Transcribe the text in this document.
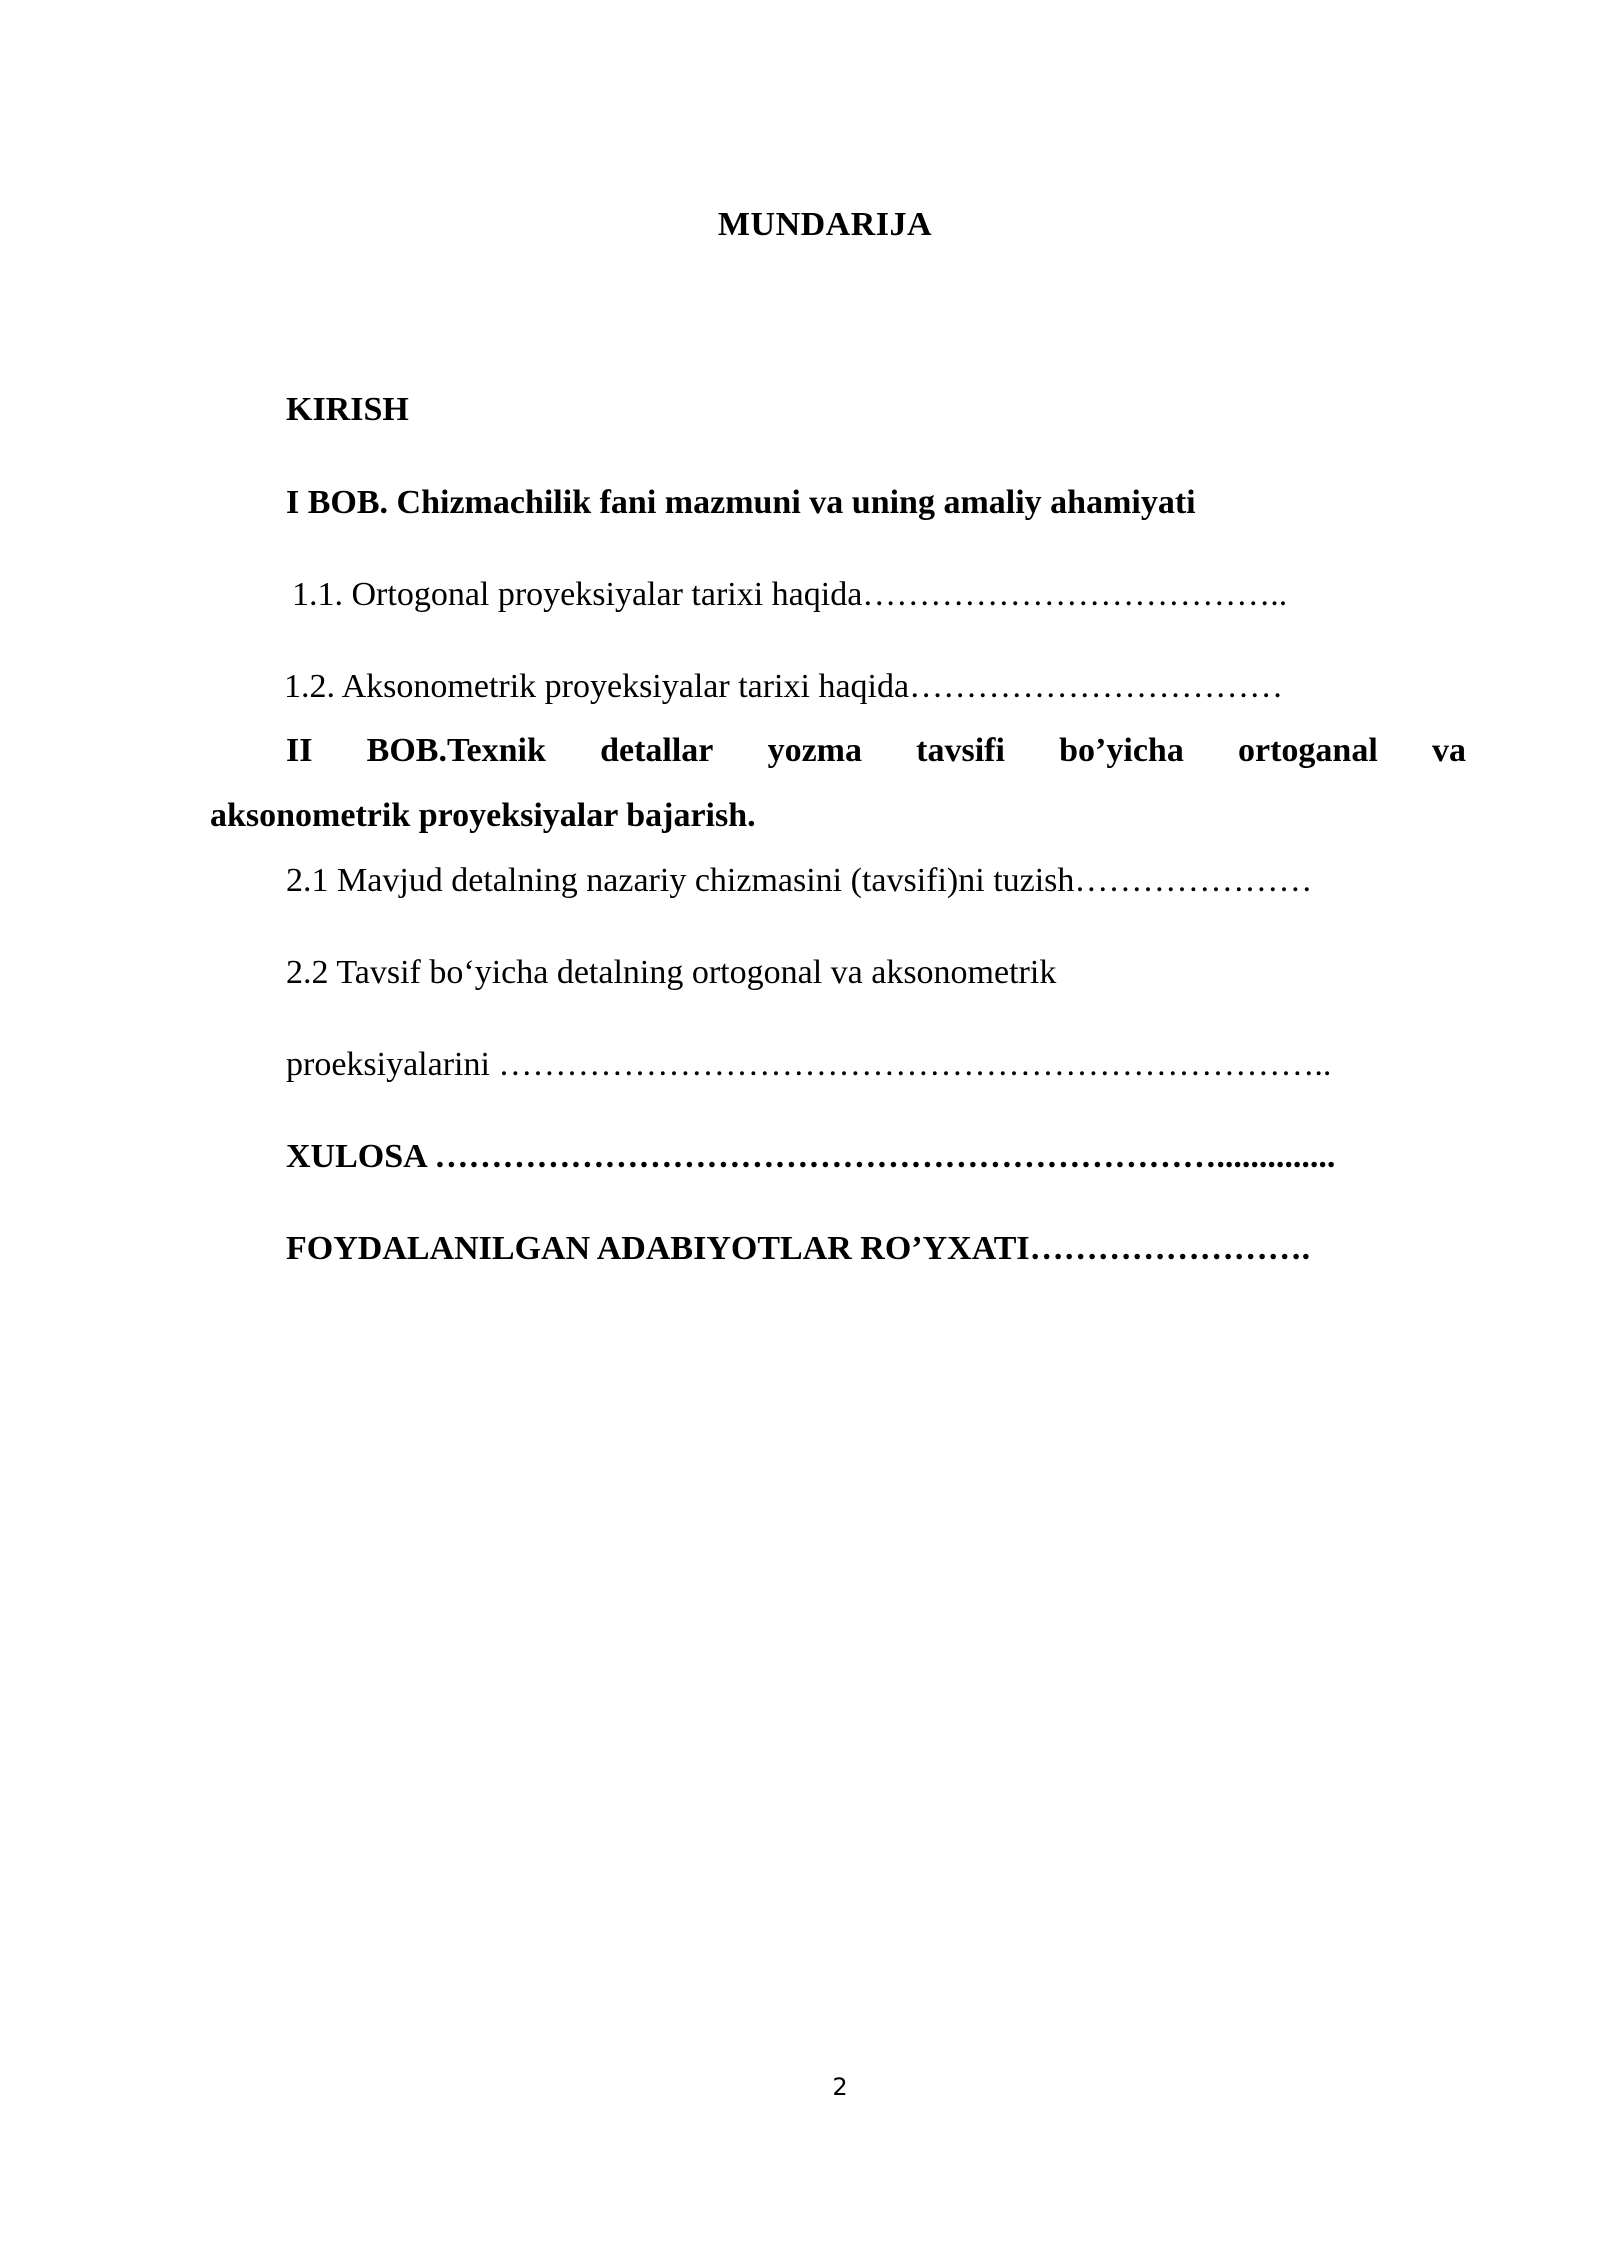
MUNDARIJA
KIRISH
I BOB. Chizmachilik fani mazmuni va uning amaliy ahamiyati
1.1. Ortogonal proyeksiyalar tarixi haqida………………………………..
1.2. Aksonometrik proyeksiyalar tarixi haqida……………………………
II BOB.Texnik detallar yozma tavsifi bo’yicha ortoganal va
aksonometrik proyeksiyalar bajarish.
2.1 Mavjud detalning nazariy chizmasini (tavsifi)ni tuzish…………………
2.2 Tavsif bo‘yicha detalning ortogonal va aksonometrik
proeksiyalarini ………………………………………………………………..
XULOSA ……………………………………………………………..............
FOYDALANILGAN ADABIYOTLAR RO’YXATI…………………….
2
